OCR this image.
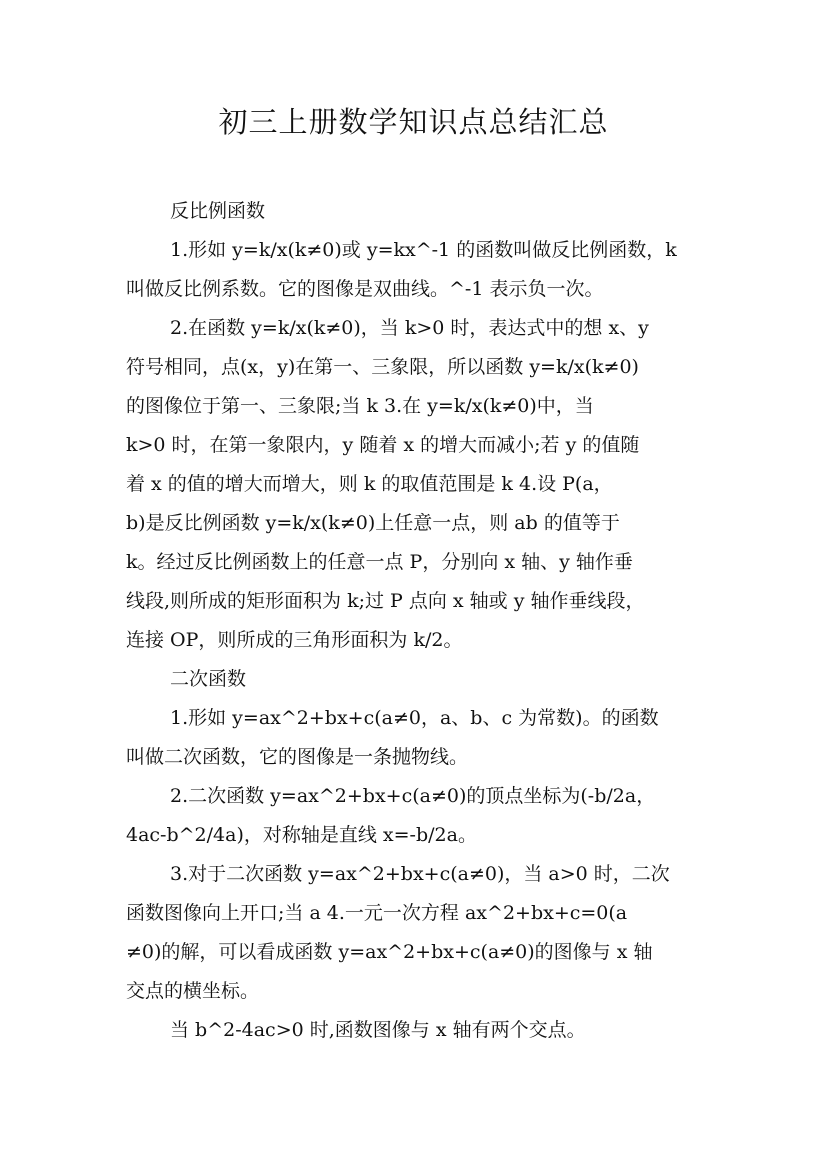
初三上册数学知识点总结汇总
反比例函数
1.形如 y=k/x(k≠0)或 y=kx^-1 的函数叫做反比例函数，k
叫做反比例系数。它的图像是双曲线。^-1 表示负一次。
2.在函数 y=k/x(k≠0)，当 k>0 时，表达式中的想 x、y
符号相同，点(x，y)在第一、三象限，所以函数 y=k/x(k≠0)
的图像位于第一、三象限;当 k 3.在 y=k/x(k≠0)中，当
k>0 时，在第一象限内，y 随着 x 的增大而减小;若 y 的值随
着 x 的值的增大而增大，则 k 的取值范围是 k 4.设 P(a，
b)是反比例函数 y=k/x(k≠0)上任意一点，则 ab 的值等于
k。经过反比例函数上的任意一点 P，分别向 x 轴、y 轴作垂
线段,则所成的矩形面积为 k;过 P 点向 x 轴或 y 轴作垂线段，
连接 OP，则所成的三角形面积为 k/2。
二次函数
1.形如 y=ax^2+bx+c(a≠0，a、b、c 为常数)。的函数
叫做二次函数，它的图像是一条抛物线。
2.二次函数 y=ax^2+bx+c(a≠0)的顶点坐标为(-b/2a，
4ac-b^2/4a)，对称轴是直线 x=-b/2a。
3.对于二次函数 y=ax^2+bx+c(a≠0)，当 a>0 时，二次
函数图像向上开口;当 a 4.一元一次方程 ax^2+bx+c=0(a
≠0)的解，可以看成函数 y=ax^2+bx+c(a≠0)的图像与 x 轴
交点的横坐标。
当 b^2-4ac>0 时,函数图像与 x 轴有两个交点。
